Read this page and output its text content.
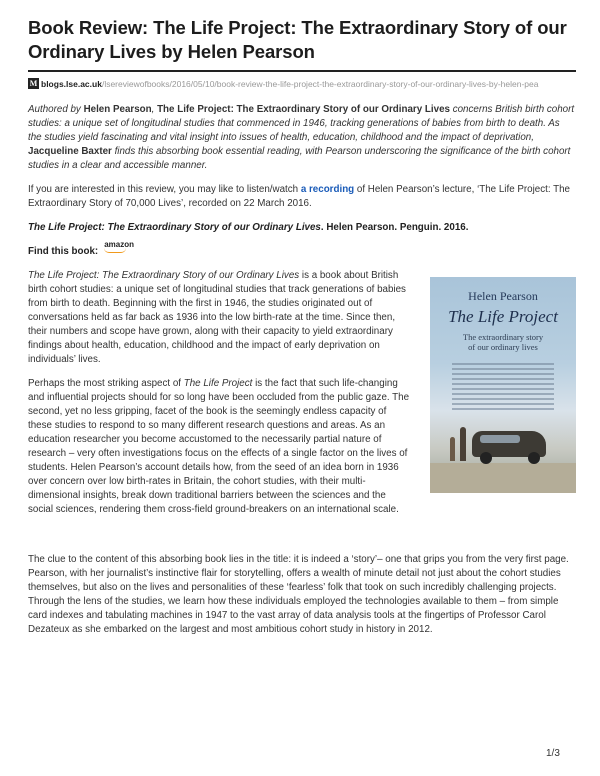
Book Review: The Life Project: The Extraordinary Story of our Ordinary Lives by Helen Pearson
M blogs.lse.ac.uk /lsereviewofbooks/2016/05/10/book-review-the-life-project-the-extraordinary-story-of-our-ordinary-lives-by-helen-pea

Authored by Helen Pearson, The Life Project: The Extraordinary Story of our Ordinary Lives concerns British birth cohort studies: a unique set of longitudinal studies that commenced in 1946, tracking generations of babies from birth to death. As the studies yield fascinating and vital insight into issues of health, education, childhood and the impact of deprivation, Jacqueline Baxter finds this absorbing book essential reading, with Pearson underscoring the significance of the birth cohort studies in a clear and accessible manner.

If you are interested in this review, you may like to listen/watch a recording of Helen Pearson’s lecture, ‘The Life Project: The Extraordinary Story of 70,000 Lives’, recorded on 22 March 2016.

The Life Project: The Extraordinary Story of our Ordinary Lives. Helen Pearson. Penguin. 2016.

Find this book:
amazon

The Life Project: The Extraordinary Story of our Ordinary Lives is a book about British birth cohort studies: a unique set of longitudinal studies that track generations of babies from birth to death. Beginning with the first in 1946, the studies originated out of conversations held as far back as 1936 into the low birth-rate at the time. Since then, their numbers and scope have grown, along with their capacity to yield extraordinary findings about health, education, childhood and the impact of early deprivation on individuals’ lives.

Perhaps the most striking aspect of The Life Project is the fact that such life-changing and influential projects should for so long have been occluded from the public gaze. The second, yet no less gripping, facet of the book is the seemingly endless capacity of these studies to respond to so many different research questions and areas. As an education researcher you become accustomed to the necessarily partial nature of research – very often investigations focus on the effects of a single factor on the lives of students. Helen Pearson’s account details how, from the seed of an idea born in 1936 over concern over low birth-rates in Britain, the cohort studies, with their multi-dimensional insights, break down traditional barriers between the sciences and the social sciences, rendering them cross-field ground-breakers on an international scale.

Helen Pearson
The Life Project
The extraordinary story
of our ordinary lives

The clue to the content of this absorbing book lies in the title: it is indeed a ‘story’– one that grips you from the very first page. Pearson, with her journalist’s instinctive flair for storytelling, offers a wealth of minute detail not just about the cohort studies themselves, but also on the lives and personalities of these ‘fearless’ folk that took on such incredibly challenging projects. Through the lens of the studies, we learn how these individuals employed the technologies available to them – from simple card indexes and tabulating machines in 1947 to the vast array of data analysis tools at the fingertips of Professor Carol Dezateux as she embarked on the largest and most ambitious cohort study in history in 2012.

1/3
